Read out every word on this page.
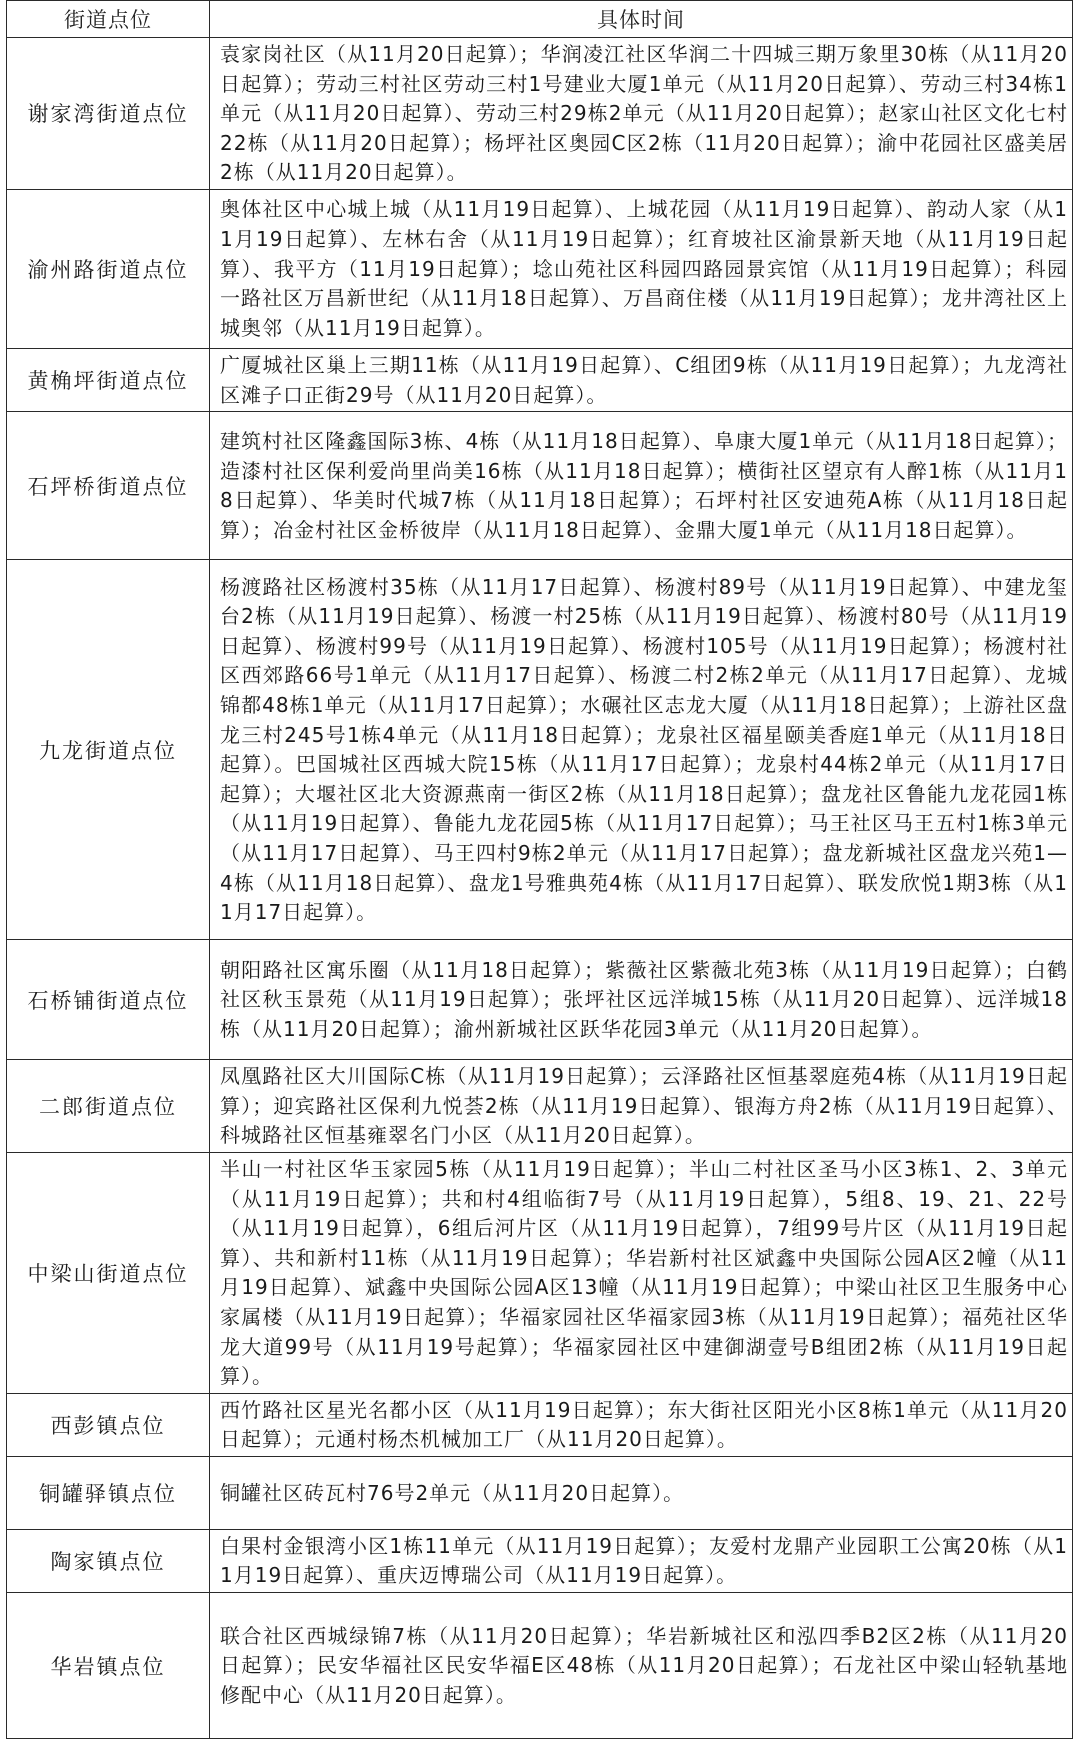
街道点位	具体时间
谢家湾街道点位	袁家岗社区（从11月20日起算）；华润凌江社区华润二十四城三期万象里30栋（从11月20日起算）；劳动三村社区劳动三村1号建业大厦1单元（从11月20日起算）、劳动三村34栋1单元（从11月20日起算）、劳动三村29栋2单元（从11月20日起算）；赵家山社区文化七村22栋（从11月20日起算）；杨坪社区奥园C区2栋（11月20日起算）；渝中花园社区盛美居2栋（从11月20日起算）。
渝州路街道点位	奥体社区中心城上城（从11月19日起算）、上城花园（从11月19日起算）、韵动人家（从11月19日起算）、左林右舍（从11月19日起算）；红育坡社区渝景新天地（从11月19日起算）、我平方（11月19日起算）；埝山苑社区科园四路园景宾馆（从11月19日起算）；科园一路社区万昌新世纪（从11月18日起算）、万昌商住楼（从11月19日起算）；龙井湾社区上城奥邻（从11月19日起算）。
黄桷坪街道点位	广厦城社区巢上三期11栋（从11月19日起算）、C组团9栋（从11月19日起算）；九龙湾社区滩子口正街29号（从11月20日起算）。
石坪桥街道点位	建筑村社区隆鑫国际3栋、4栋（从11月18日起算）、阜康大厦1单元（从11月18日起算）；造漆村社区保利爱尚里尚美16栋（从11月18日起算）；横街社区望京有人醉1栋（从11月18日起算）、华美时代城7栋（从11月18日起算）；石坪村社区安迪苑A栋（从11月18日起算）；冶金村社区金桥彼岸（从11月18日起算）、金鼎大厦1单元（从11月18日起算）。
九龙街道点位	杨渡路社区杨渡村35栋（从11月17日起算）、杨渡村89号（从11月19日起算）、中建龙玺台2栋（从11月19日起算）、杨渡一村25栋（从11月19日起算）、杨渡村80号（从11月19日起算）、杨渡村99号（从11月19日起算）、杨渡村105号（从11月19日起算）；杨渡村社区西郊路66号1单元（从11月17日起算）、杨渡二村2栋2单元（从11月17日起算）、龙城锦都48栋1单元（从11月17日起算）；水碾社区志龙大厦（从11月18日起算）；上游社区盘龙三村245号1栋4单元（从11月18日起算）；龙泉社区福星颐美香庭1单元（从11月18日起算）。巴国城社区西城大院15栋（从11月17日起算）；龙泉村44栋2单元（从11月17日起算）；大堰社区北大资源燕南一街区2栋（从11月18日起算）；盘龙社区鲁能九龙花园1栋（从11月19日起算）、鲁能九龙花园5栋（从11月17日起算）；马王社区马王五村1栋3单元（从11月17日起算）、马王四村9栋2单元（从11月17日起算）；盘龙新城社区盘龙兴苑1—4栋（从11月18日起算）、盘龙1号雅典苑4栋（从11月17日起算）、联发欣悦1期3栋（从11月17日起算）。
石桥铺街道点位	朝阳路社区寓乐圈（从11月18日起算）；紫薇社区紫薇北苑3栋（从11月19日起算）；白鹤社区秋玉景苑（从11月19日起算）；张坪社区远洋城15栋（从11月20日起算）、远洋城18栋（从11月20日起算）；渝州新城社区跃华花园3单元（从11月20日起算）。
二郎街道点位	凤凰路社区大川国际C栋（从11月19日起算）；云泽路社区恒基翠庭苑4栋（从11月19日起算）；迎宾路社区保利九悦荟2栋（从11月19日起算）、银海方舟2栋（从11月19日起算）、科城路社区恒基雍翠名门小区（从11月20日起算）。
中梁山街道点位	半山一村社区华玉家园5栋（从11月19日起算）；半山二村社区圣马小区3栋1、2、3单元（从11月19日起算）；共和村4组临街7号（从11月19日起算），5组8、19、21、22号（从11月19日起算），6组后河片区（从11月19日起算），7组99号片区（从11月19日起算）、共和新村11栋（从11月19日起算）；华岩新村社区斌鑫中央国际公园A区2幢（从11月19日起算）、斌鑫中央国际公园A区13幢（从11月19日起算）；中梁山社区卫生服务中心家属楼（从11月19日起算）；华福家园社区华福家园3栋（从11月19日起算）；福苑社区华龙大道99号（从11月19号起算）；华福家园社区中建御湖壹号B组团2栋（从11月19日起算）。
西彭镇点位	西竹路社区星光名都小区（从11月19日起算）；东大街社区阳光小区8栋1单元（从11月20日起算）；元通村杨杰机械加工厂（从11月20日起算）。
铜罐驿镇点位	铜罐社区砖瓦村76号2单元（从11月20日起算）。
陶家镇点位	白果村金银湾小区1栋11单元（从11月19日起算）；友爱村龙鼎产业园职工公寓20栋（从11月19日起算）、重庆迈博瑞公司（从11月19日起算）。
华岩镇点位	联合社区西城绿锦7栋（从11月20日起算）；华岩新城社区和泓四季B2区2栋（从11月20日起算）；民安华福社区民安华福E区48栋（从11月20日起算）；石龙社区中梁山轻轨基地修配中心（从11月20日起算）。
